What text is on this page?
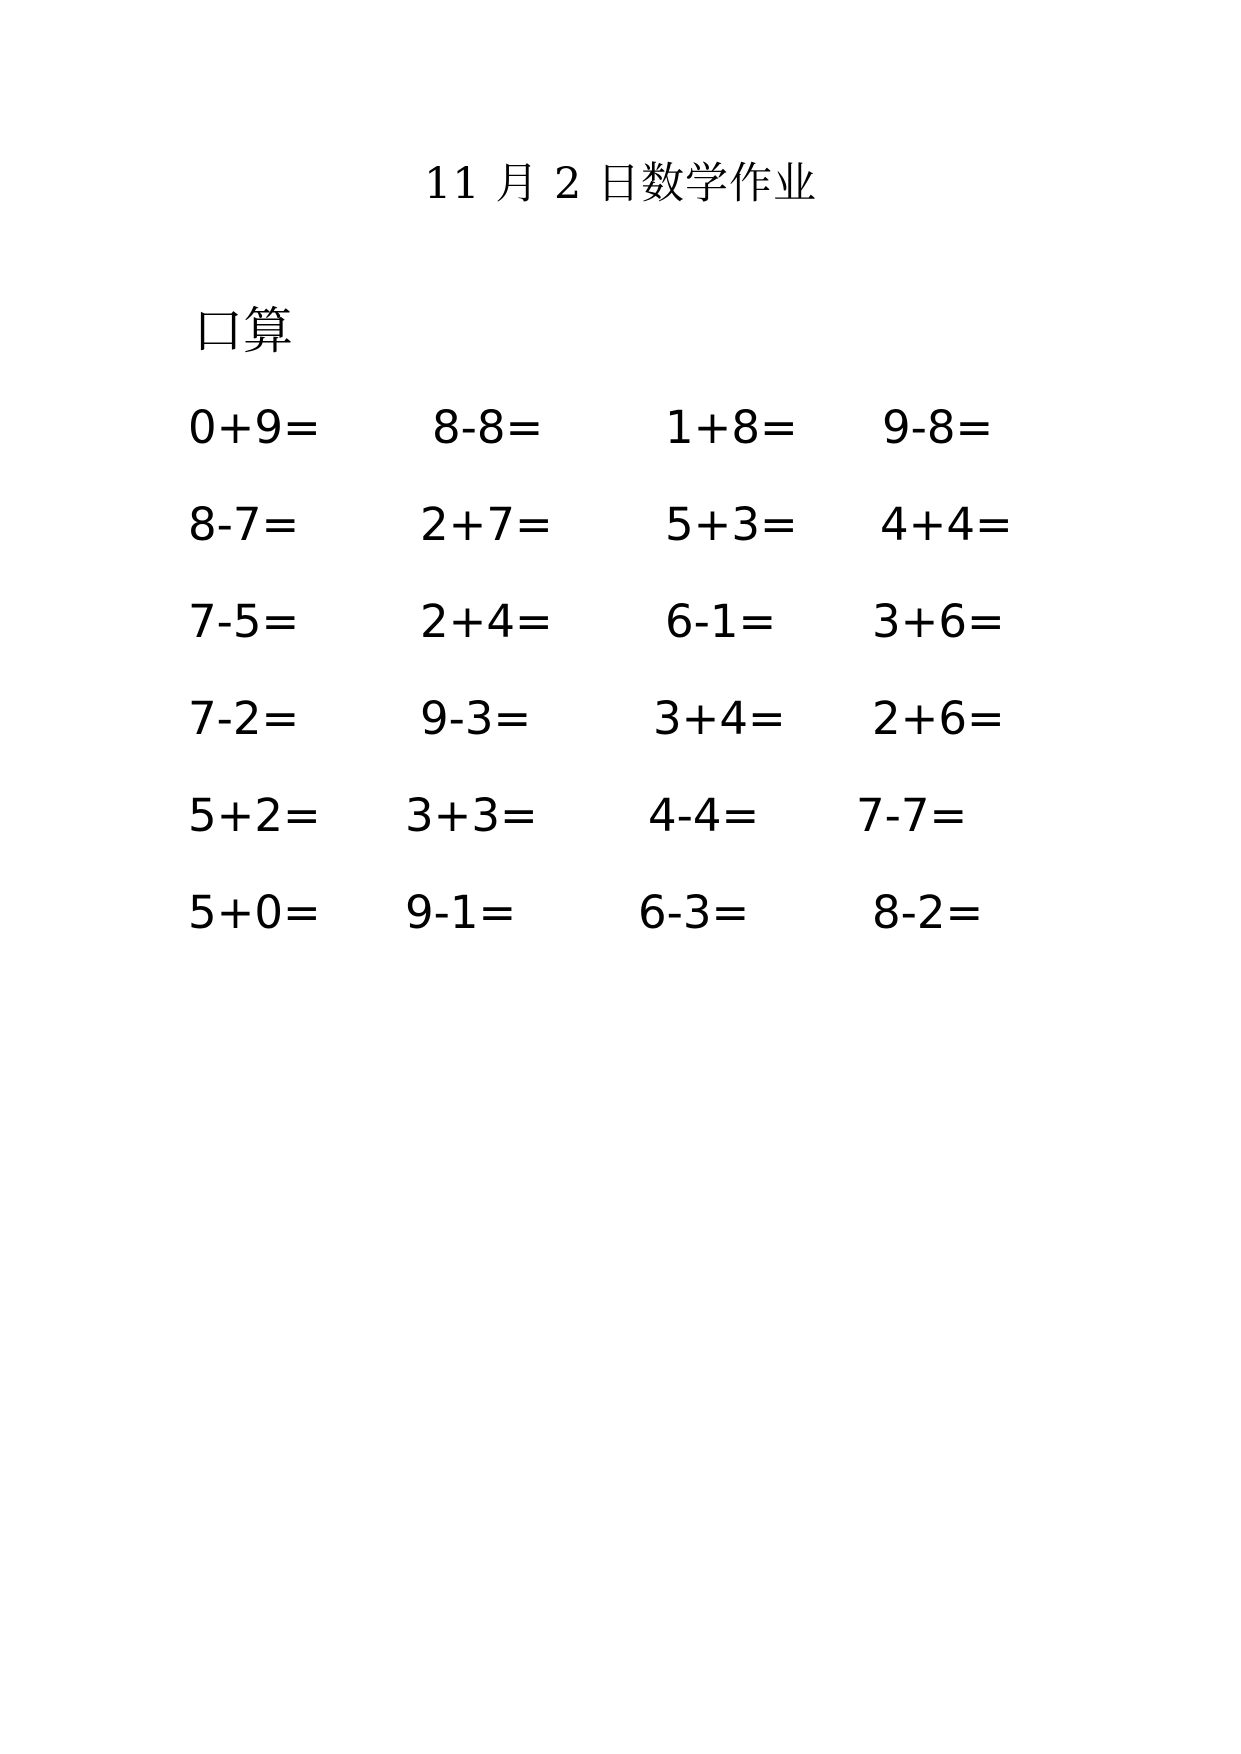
11 月 2 日数学作业
口算
0+9= 8-8=	1+8= 9-8=
8-7=	2+7= 5+3= 4+4=
7-5=	2+4= 6-1= 3+6=
7-2=	9-3=	3+4= 2+6=
5+2= 3+3= 4-4= 7-7=
5+0= 9-1=	6-3=	8-2=
